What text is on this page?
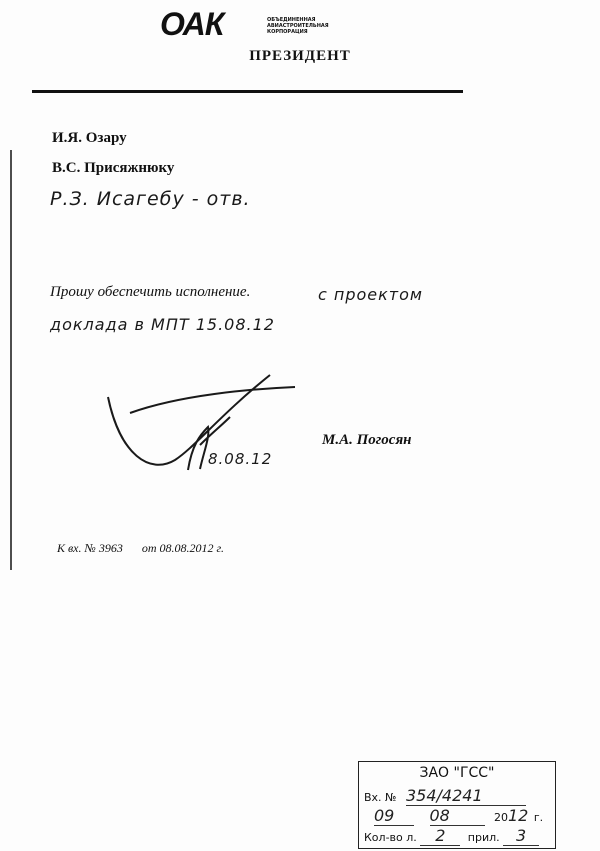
ОАК	ОБЪЕДИНЕННАЯ
АВИАСТРОИТЕЛЬНАЯ
КОРПОРАЦИЯ
ПРЕЗИДЕНТ
И.Я. Озару
В.С. Присяжнюку
Р.З. Исагебу - отв.
Прошу обеспечить исполнение.	с проектом доклада в МПТ 15.08.12
8.08.12
М.А. Погосян
К вх. № 3963 от 08.08.2012 г.
ЗАО "ГСС"
Вх. № 354/4241
09 08	2012 г.
Кол-во л. 2 прил. 3
